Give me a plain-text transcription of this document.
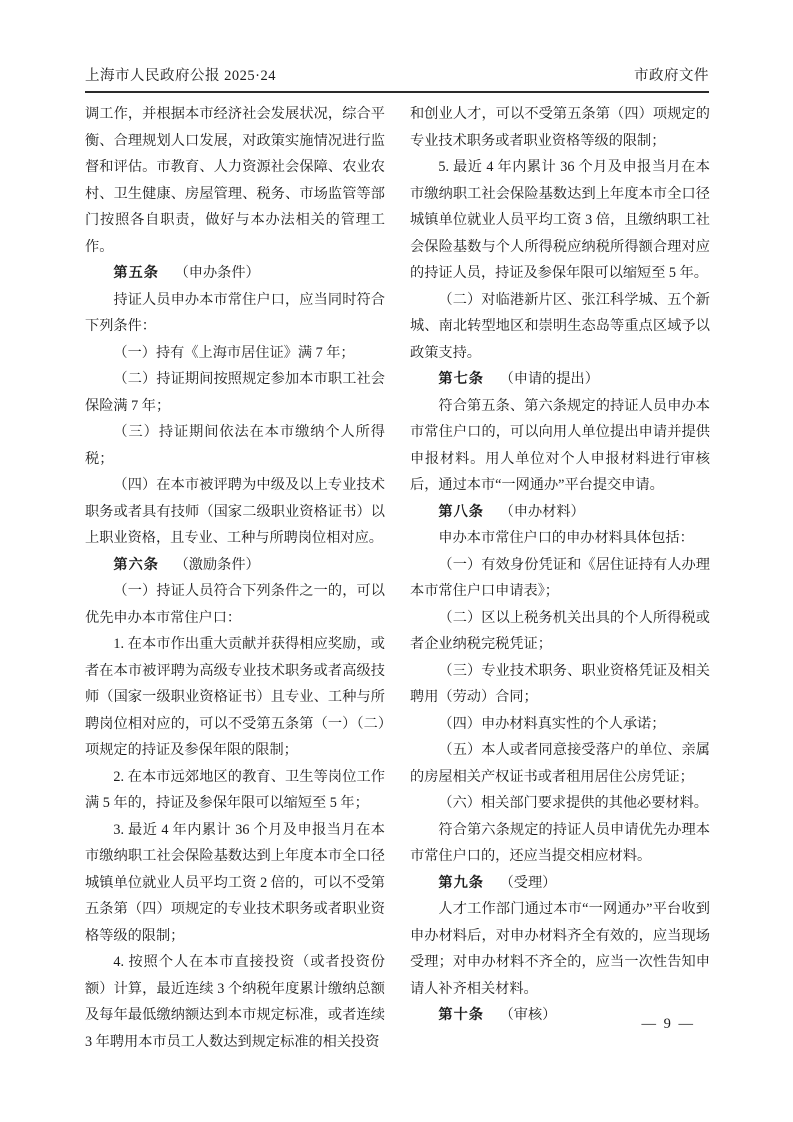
上海市人民政府公报 2025·24	市政府文件

调工作，并根据本市经济社会发展状况，综合平衡、合理规划人口发展，对政策实施情况进行监督和评估。市教育、人力资源社会保障、农业农村、卫生健康、房屋管理、税务、市场监管等部门按照各自职责，做好与本办法相关的管理工作。

第五条 （申办条件）

持证人员申办本市常住户口，应当同时符合下列条件：

（一）持有《上海市居住证》满 7 年；

（二）持证期间按照规定参加本市职工社会保险满 7 年；

（三）持证期间依法在本市缴纳个人所得税；

（四）在本市被评聘为中级及以上专业技术职务或者具有技师（国家二级职业资格证书）以上职业资格，且专业、工种与所聘岗位相对应。

第六条 （激励条件）

（一）持证人员符合下列条件之一的，可以优先申办本市常住户口：

1. 在本市作出重大贡献并获得相应奖励，或者在本市被评聘为高级专业技术职务或者高级技师（国家一级职业资格证书）且专业、工种与所聘岗位相对应的，可以不受第五条第（一）（二）项规定的持证及参保年限的限制；

2. 在本市远郊地区的教育、卫生等岗位工作满 5 年的，持证及参保年限可以缩短至 5 年；

3. 最近 4 年内累计 36 个月及申报当月在本市缴纳职工社会保险基数达到上年度本市全口径城镇单位就业人员平均工资 2 倍的，可以不受第五条第（四）项规定的专业技术职务或者职业资格等级的限制；

4. 按照个人在本市直接投资（或者投资份额）计算，最近连续 3 个纳税年度累计缴纳总额及每年最低缴纳额达到本市规定标准，或者连续 3 年聘用本市员工人数达到规定标准的相关投资

和创业人才，可以不受第五条第（四）项规定的专业技术职务或者职业资格等级的限制；

5. 最近 4 年内累计 36 个月及申报当月在本市缴纳职工社会保险基数达到上年度本市全口径城镇单位就业人员平均工资 3 倍，且缴纳职工社会保险基数与个人所得税应纳税所得额合理对应的持证人员，持证及参保年限可以缩短至 5 年。

（二）对临港新片区、张江科学城、五个新城、南北转型地区和崇明生态岛等重点区域予以政策支持。

第七条 （申请的提出）

符合第五条、第六条规定的持证人员申办本市常住户口的，可以向用人单位提出申请并提供申报材料。用人单位对个人申报材料进行审核后，通过本市“一网通办”平台提交申请。

第八条 （申办材料）

申办本市常住户口的申办材料具体包括：

（一）有效身份凭证和《居住证持有人办理本市常住户口申请表》；

（二）区以上税务机关出具的个人所得税或者企业纳税完税凭证；

（三）专业技术职务、职业资格凭证及相关聘用（劳动）合同；

（四）申办材料真实性的个人承诺；

（五）本人或者同意接受落户的单位、亲属的房屋相关产权证书或者租用居住公房凭证；

（六）相关部门要求提供的其他必要材料。

符合第六条规定的持证人员申请优先办理本市常住户口的，还应当提交相应材料。

第九条 （受理）

人才工作部门通过本市“一网通办”平台收到申办材料后，对申办材料齐全有效的，应当现场受理；对申办材料不齐全的，应当一次性告知申请人补齐相关材料。

第十条 （审核）

— 9 —
